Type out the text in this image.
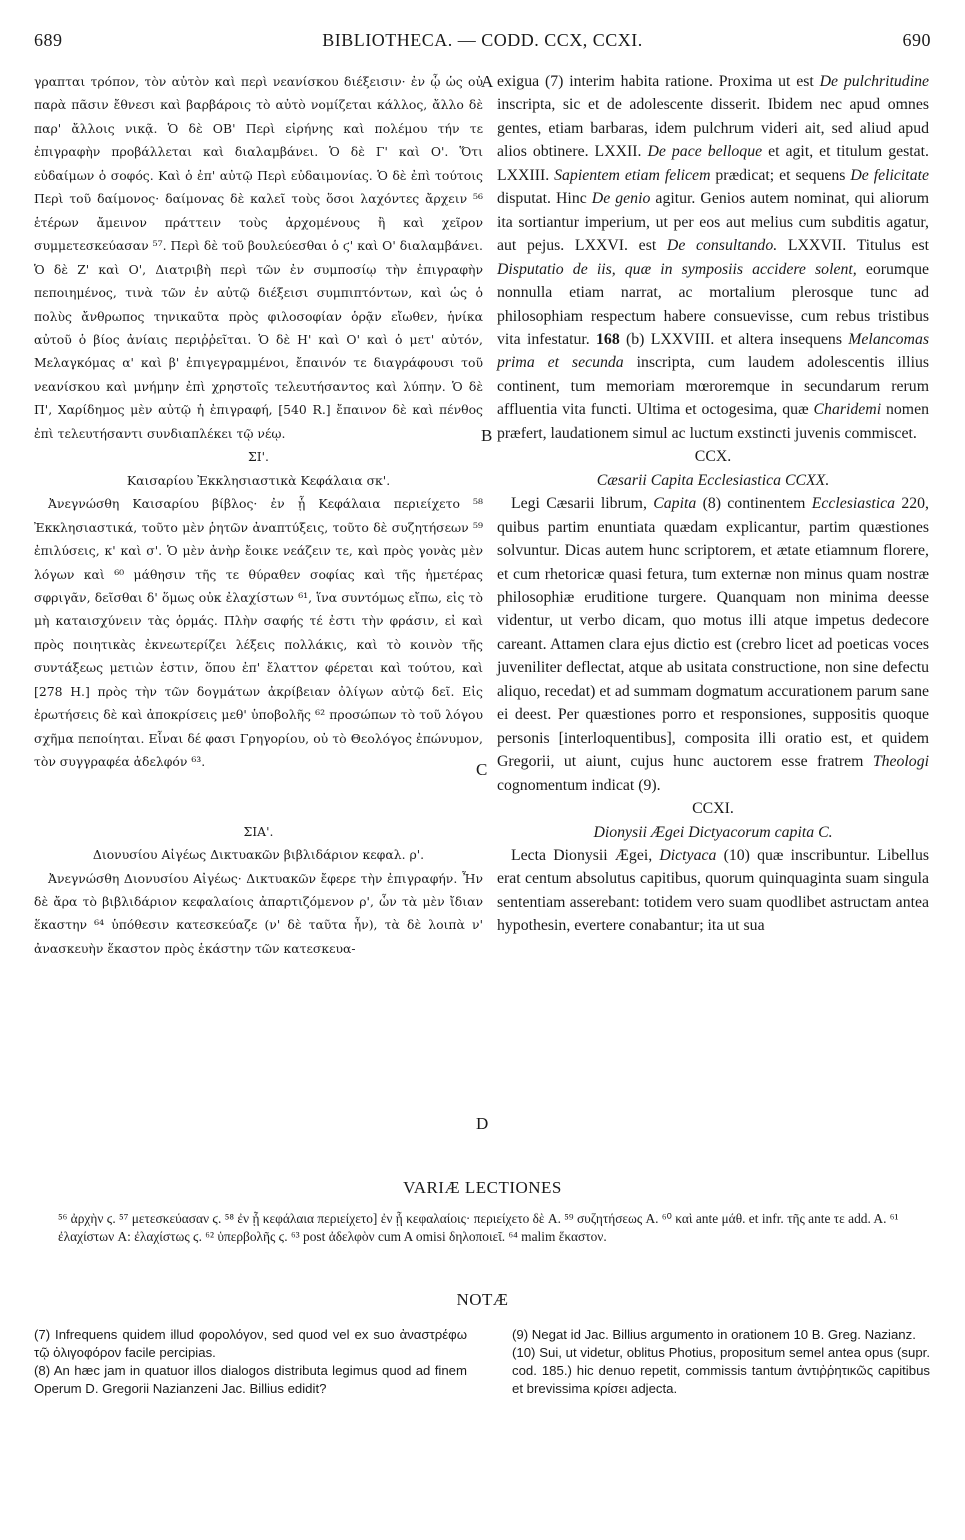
689	BIBLIOTHECA. — CODD. CCX, CCXI.	690

γραπται τρόπον, τὸν αὐτὸν καὶ περὶ νεανίσκου διέξεισιν· ἐν ᾧ ὡς οὐ παρὰ πᾶσιν ἔθνεσι καὶ βαρβάροις τὸ αὐτὸ νομίζεται κάλλος, ἄλλο δὲ παρ' ἄλλοις νικᾷ. Ὁ δὲ ΟΒ' Περὶ εἰρήνης καὶ πολέμου τήν τε ἐπιγραφὴν προβάλλεται καὶ διαλαμβάνει. Ὁ δὲ Γ' καὶ Ο'. Ὅτι εὐδαίμων ὁ σοφός. Καὶ ὁ ἐπ' αὐτῷ Περὶ εὐδαιμονίας. Ὁ δὲ ἐπὶ τούτοις Περὶ τοῦ δαίμονος· δαίμονας δὲ καλεῖ τοὺς ὅσοι λαχόντες ἄρχειν ⁵⁶ ἑτέρων ἄμεινον πράττειν τοὺς ἀρχομένους ἢ καὶ χεῖρον συμμετεσκεύασαν ⁵⁷. Περὶ δὲ τοῦ βουλεύεσθαι ὁ ϛ' καὶ Ο' διαλαμβάνει. Ὁ δὲ Ζ' καὶ Ο', Διατριβὴ περὶ τῶν ἐν συμποσίῳ τὴν ἐπιγραφὴν πεποιημένος, τινὰ τῶν ἐν αὐτῷ διέξεισι συμπιπτόντων, καὶ ὡς ὁ πολὺς ἄνθρωπος τηνικαῦτα πρὸς φιλοσοφίαν ὁρᾷν εἴωθεν, ἡνίκα αὐτοῦ ὁ βίος ἀνίαις περιῤῥεῖται. Ὁ δὲ Η' καὶ Ο' καὶ ὁ μετ' αὐτόν, Μελαγκόμας α' καὶ β' ἐπιγεγραμμένοι, ἔπαινόν τε διαγράφουσι τοῦ νεανίσκου καὶ μνήμην ἐπὶ χρηστοῖς τελευτήσαντος καὶ λύπην. Ὁ δὲ Π', Χαρίδημος μὲν αὐτῷ ἡ ἐπιγραφή, [540 R.] ἔπαινον δὲ καὶ πένθος ἐπὶ τελευτήσαντι συνδιαπλέκει τῷ νέῳ.

ΣΙ'.

Καισαρίου Ἐκκλησιαστικὰ Κεφάλαια σκ'.

Ἀνεγνώσθη Καισαρίου βίβλος· ἐν ᾗ Κεφάλαια περιείχετο ⁵⁸ Ἐκκλησιαστικά, τοῦτο μὲν ῥητῶν ἀναπτύξεις, τοῦτο δὲ συζητήσεων ⁵⁹ ἐπιλύσεις, κ' καὶ σ'. Ὁ μὲν ἀνὴρ ἔοικε νεάζειν τε, καὶ πρὸς γονὰς μὲν λόγων καὶ ⁶⁰ μάθησιν τῆς τε θύραθεν σοφίας καὶ τῆς ἡμετέρας σφριγᾶν, δεῖσθαι δ' ὅμως οὐκ ἐλαχίστων ⁶¹, ἵνα συντόμως εἴπω, εἰς τὸ μὴ καταισχύνειν τὰς ὁρμάς. Πλὴν σαφής τέ ἐστι τὴν φράσιν, εἰ καὶ πρὸς ποιητικὰς ἐκνεωτερίζει λέξεις πολλάκις, καὶ τὸ κοινὸν τῆς συντάξεως μετιὼν ἐστιν, ὅπου ἐπ' ἔλαττον φέρεται καὶ τούτου, καὶ [278 H.] πρὸς τὴν τῶν δογμάτων ἀκρίβειαν ὀλίγων αὐτῷ δεῖ. Εἰς ἐρωτήσεις δὲ καὶ ἀποκρίσεις μεθ' ὑποβολῆς ⁶² προσώπων τὸ τοῦ λόγου σχῆμα πεποίηται. Εἶναι δέ φασι Γρηγορίου, οὐ τὸ Θεολόγος ἐπώνυμον, τὸν συγγραφέα ἀδελφόν ⁶³.

ΣΙΑ'.

Διονυσίου Αἰγέως Δικτυακῶν βιβλιδάριον κεφαλ. ρ'.

Ἀνεγνώσθη Διονυσίου Αἰγέως· Δικτυακῶν ἔφερε τὴν ἐπιγραφήν. Ἦν δὲ ἄρα τὸ βιβλιδάριον κεφαλαίοις ἀπαρτιζόμενον ρ', ὧν τὰ μὲν ἴδιαν ἕκαστην ⁶⁴ ὑπόθεσιν κατεσκεύαζε (ν' δὲ ταῦτα ἦν), τὰ δὲ λοιπὰ ν' ἀνασκευὴν ἕκαστον πρὸς ἑκάστην τῶν κατεσκευα-

A
B
C
D

exigua (7) interim habita ratione. Proxima ut est De pulchritudine inscripta, sic et de adolescente disserit. Ibidem nec apud omnes gentes, etiam barbaras, idem pulchrum videri ait, sed aliud apud alios obtinere. LXXII. De pace belloque et agit, et titulum gestat. LXXIII. Sapientem etiam felicem prædicat; et sequens De felicitate disputat. Hinc De genio agitur. Genios autem nominat, qui aliorum ita sortiantur imperium, ut per eos aut melius cum subditis agatur, aut pejus. LXXVI. est De consultando. LXXVII. Titulus est Disputatio de iis, quæ in symposiis accidere solent, eorumque nonnulla etiam narrat, ac mortalium plerosque tunc ad philosophiam respectum habere consuevisse, cum rebus tristibus vita infestatur. 168 (b) LXXVIII. et altera insequens Melancomas prima et secunda inscripta, cum laudem adolescentis illius continent, tum memoriam mœroremque in secundarum rerum affluentia vita functi. Ultima et octogesima, quæ Charidemi nomen præfert, laudationem simul ac luctum exstincti juvenis commiscet.

CCX.

Cæsarii Capita Ecclesiastica CCXX.

Legi Cæsarii librum, Capita (8) continentem Ecclesiastica 220, quibus partim enuntiata quædam explicantur, partim quæstiones solvuntur. Dicas autem hunc scriptorem, et ætate etiamnum florere, et cum rhetoricæ quasi fetura, tum externæ non minus quam nostræ philosophiæ eruditione turgere. Quanquam non minima deesse videntur, ut verbo dicam, quo motus illi atque impetus dedecore careant. Attamen clara ejus dictio est (crebro licet ad poeticas voces juveniliter deflectat, atque ab usitata constructione, non sine defectu aliquo, recedat) et ad summam dogmatum accurationem parum sane ei deest. Per quæstiones porro et responsiones, suppositis quoque personis [interloquentibus], composita illi oratio est, et quidem Gregorii, ut aiunt, cujus hunc auctorem esse fratrem Theologi cognomentum indicat (9).

CCXI.

Dionysii Ægei Dictyacorum capita C.

Lecta Dionysii Ægei, Dictyaca (10) quæ inscribuntur. Libellus erat centum absolutus capitibus, quorum quinquaginta suam singula sententiam asserebant: totidem vero suam quodlibet astructam antea hypothesin, evertere conabantur; ita ut sua

VARIÆ LECTIONES

⁵⁶ ἀρχὴν ϛ. ⁵⁷ μετεσκεύασαν ϛ. ⁵⁸ ἐν ᾗ κεφάλαια περιείχετο] ἐν ᾗ κεφαλαίοις· περιείχετο δὲ A. ⁵⁹ συζητήσεως A. ⁶⁰ καὶ ante μάθ. et infr. τῆς ante τε add. A. ⁶¹ ἐλαχίστων A: ἐλαχίστως ϛ. ⁶² ὑπερβολῆς ϛ. ⁶³ post ἀδελφὸν cum A omisi δηλοποιεῖ. ⁶⁴ malim ἕκαστον.

NOTÆ

(7) Infrequens quidem illud φορολόγον, sed quod vel ex suo ἀναστρέφω τῷ ὀλιγοφόρον facile percipias.

(8) An hæc jam in quatuor illos dialogos distributa legimus quod ad finem Operum D. Gregorii Nazianzeni Jac. Billius edidit?

(9) Negat id Jac. Billius argumento in orationem 10 B. Greg. Nazianz.

(10) Sui, ut videtur, oblitus Photius, propositum semel antea opus (supr. cod. 185.) hic denuo repetit, commissis tantum ἀντιῤῥητικῶς capitibus et brevissima κρίσει adjecta.
